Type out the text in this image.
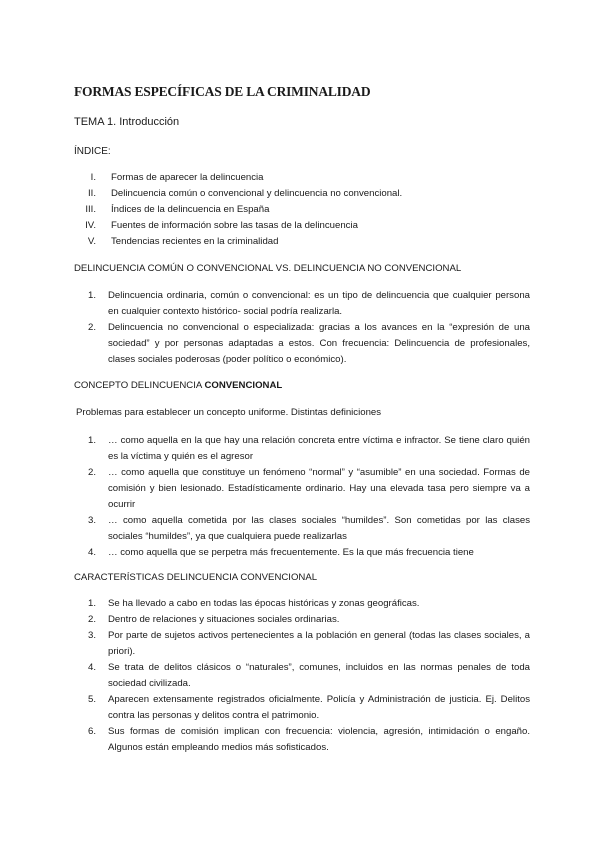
FORMAS ESPECÍFICAS DE LA CRIMINALIDAD
TEMA 1. Introducción
ÍNDICE:
I. Formas de aparecer la delincuencia
II. Delincuencia común o convencional y delincuencia no convencional.
III. Índices de la delincuencia en España
IV. Fuentes de información sobre las tasas de la delincuencia
V. Tendencias recientes en la criminalidad
DELINCUENCIA COMÚN O CONVENCIONAL VS. DELINCUENCIA NO CONVENCIONAL
1. Delincuencia ordinaria, común o convencional: es un tipo de delincuencia que cualquier persona en cualquier contexto histórico- social podría realizarla.
2. Delincuencia no convencional o especializada: gracias a los avances en la “expresión de una sociedad” y por personas adaptadas a estos. Con frecuencia: Delincuencia de profesionales, clases sociales poderosas (poder político o económico).
CONCEPTO DELINCUENCIA CONVENCIONAL
Problemas para establecer un concepto uniforme. Distintas definiciones
1. … como aquella en la que hay una relación concreta entre víctima e infractor. Se tiene claro quién es la víctima y quién es el agresor
2. … como aquella que constituye un fenómeno “normal” y “asumible” en una sociedad. Formas de comisión y bien lesionado. Estadísticamente ordinario. Hay una elevada tasa pero siempre va a ocurrir
3. … como aquella cometida por las clases sociales “humildes”. Son cometidas por las clases sociales “humildes”, ya que cualquiera puede realizarlas
4. … como aquella que se perpetra más frecuentemente. Es la que más frecuencia tiene
CARACTERÍSTICAS DELINCUENCIA CONVENCIONAL
1. Se ha llevado a cabo en todas las épocas históricas y zonas geográficas.
2. Dentro de relaciones y situaciones sociales ordinarias.
3. Por parte de sujetos activos pertenecientes a la población en general (todas las clases sociales, a priori).
4. Se trata de delitos clásicos o “naturales”, comunes, incluidos en las normas penales de toda sociedad civilizada.
5. Aparecen extensamente registrados oficialmente. Policía y Administración de justicia. Ej. Delitos contra las personas y delitos contra el patrimonio.
6. Sus formas de comisión implican con frecuencia: violencia, agresión, intimidación o engaño. Algunos están empleando medios más sofisticados.
